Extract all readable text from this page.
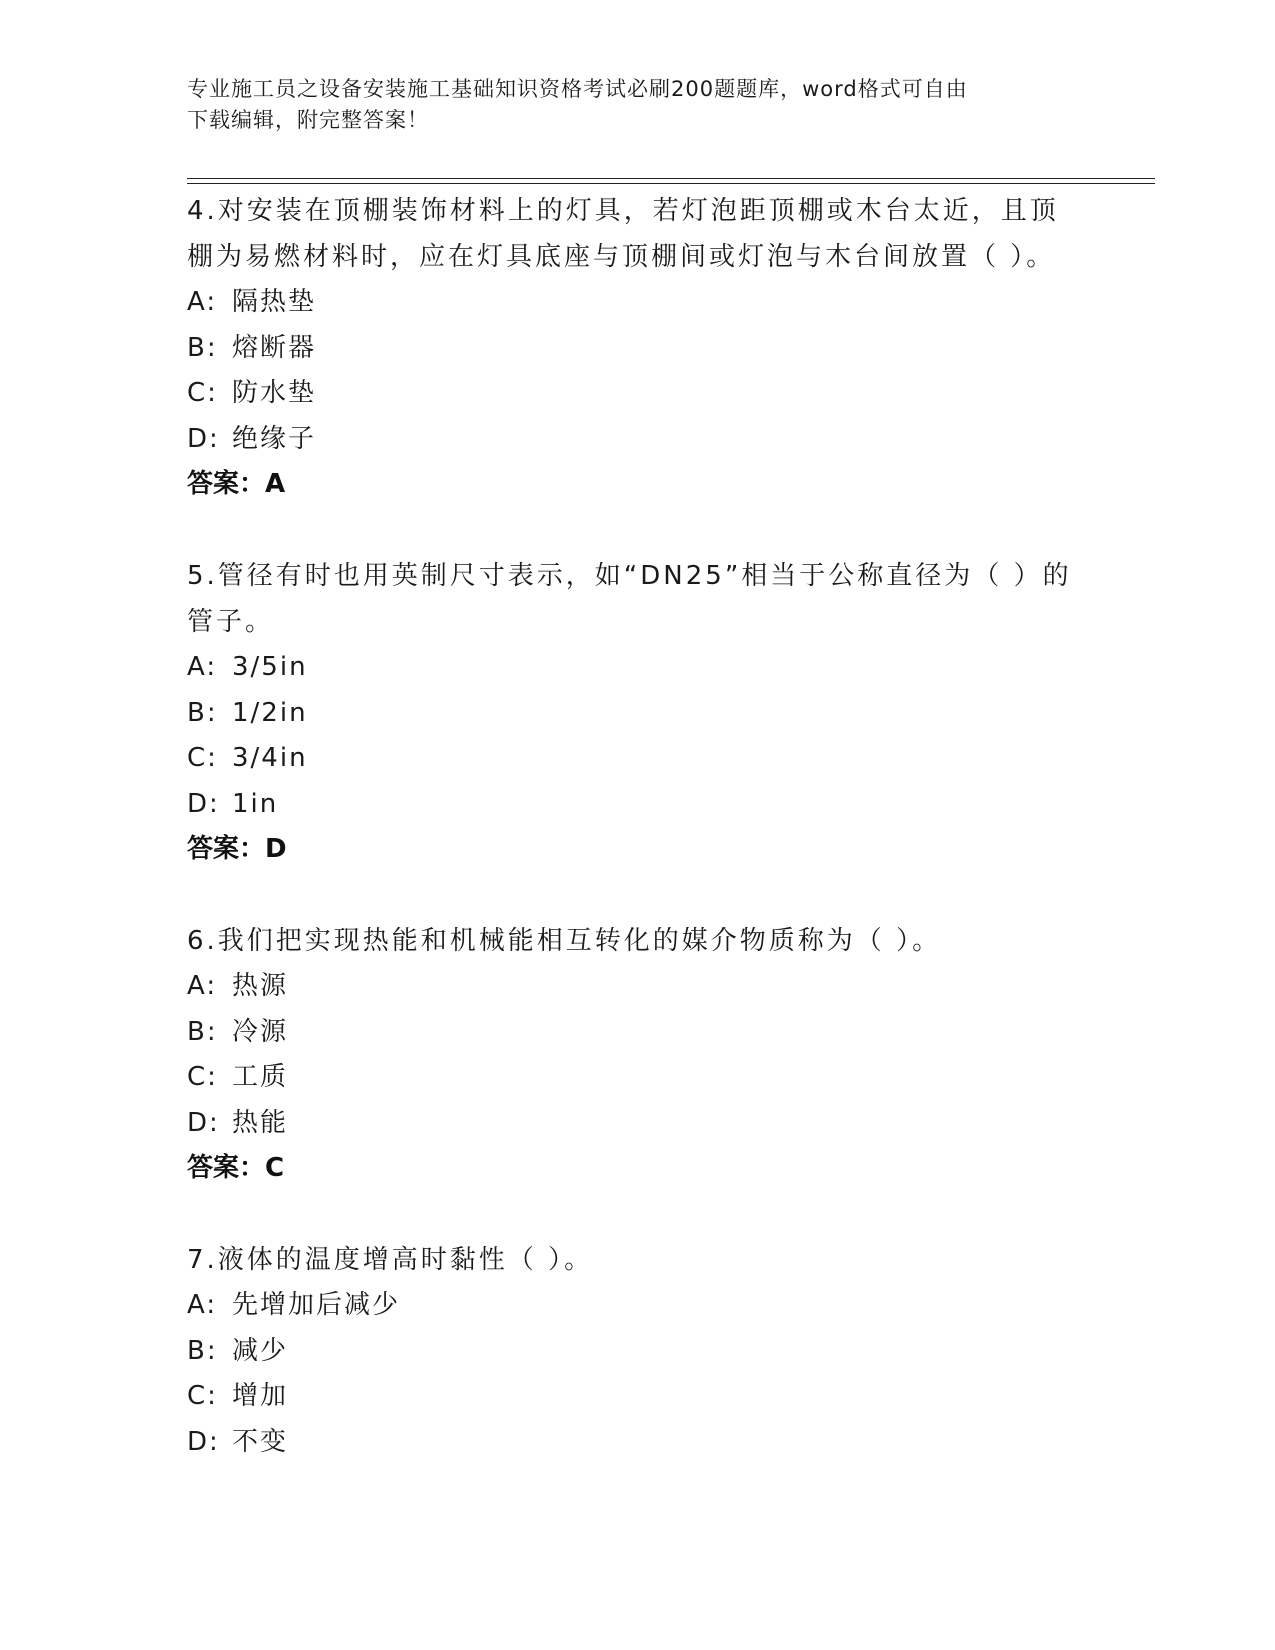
专业施工员之设备安装施工基础知识资格考试必刷200题题库，word格式可自由
下载编辑，附完整答案！
4.对安装在顶棚装饰材料上的灯具，若灯泡距顶棚或木台太近，且顶
棚为易燃材料时，应在灯具底座与顶棚间或灯泡与木台间放置（ ）。
A: 隔热垫
B: 熔断器
C: 防水垫
D: 绝缘子
答案：A
5.管径有时也用英制尺寸表示，如“DN25”相当于公称直径为（ ）的
管子。
A: 3/5in
B: 1/2in
C: 3/4in
D: 1in
答案：D
6.我们把实现热能和机械能相互转化的媒介物质称为（ ）。
A: 热源
B: 冷源
C: 工质
D: 热能
答案：C
7.液体的温度增高时黏性（ ）。
A: 先增加后减少
B: 减少
C: 增加
D: 不变
